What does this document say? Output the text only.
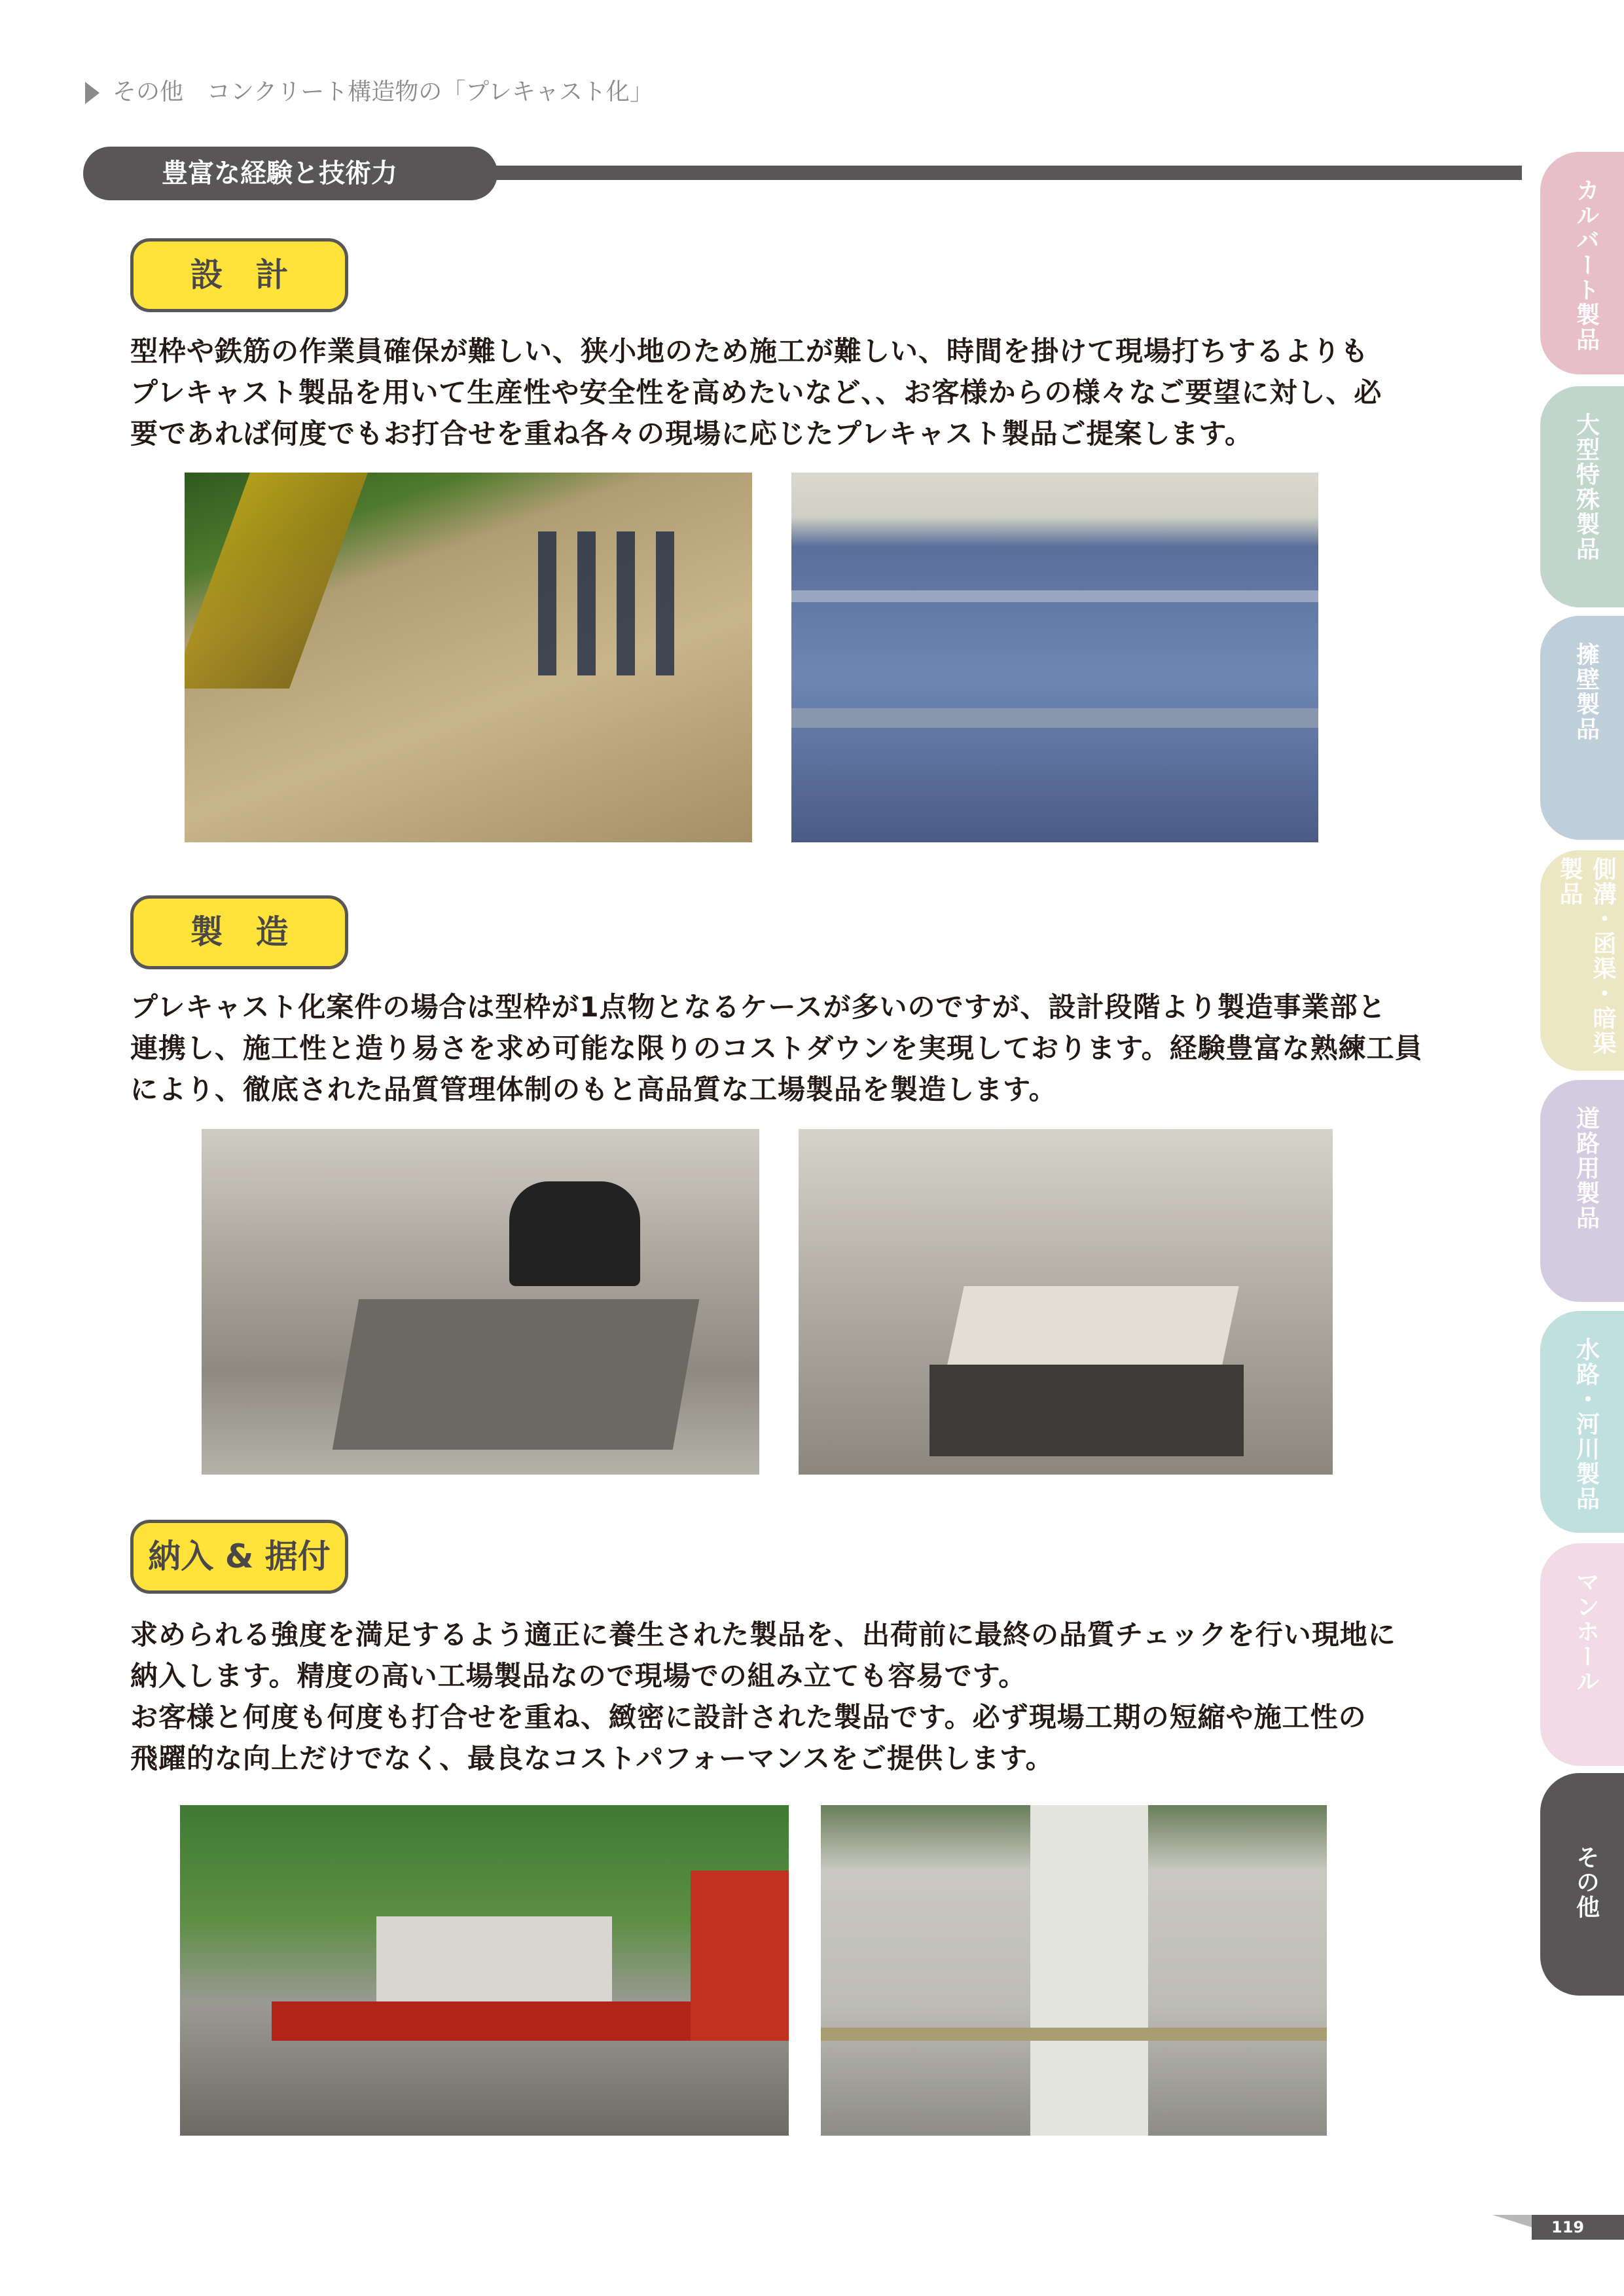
その他　コンクリート構造物の「プレキャスト化」
豊富な経験と技術力
設　計
型枠や鉄筋の作業員確保が難しい、狭小地のため施工が難しい、時間を掛けて現場打ちするよりも
プレキャスト製品を用いて生産性や安全性を高めたいなど、、お客様からの様々なご要望に対し、必
要であれば何度でもお打合せを重ね各々の現場に応じたプレキャスト製品ご提案します。
製　造
プレキャスト化案件の場合は型枠が1点物となるケースが多いのですが、設計段階より製造事業部と
連携し、施工性と造り易さを求め可能な限りのコストダウンを実現しております。経験豊富な熟練工員
により、徹底された品質管理体制のもと高品質な工場製品を製造します。
納入 & 据付
求められる強度を満足するよう適正に養生された製品を、出荷前に最終の品質チェックを行い現地に
納入します。精度の高い工場製品なので現場での組み立ても容易です。
お客様と何度も何度も打合せを重ね、緻密に設計された製品です。必ず現場工期の短縮や施工性の
飛躍的な向上だけでなく、最良なコストパフォーマンスをご提供します。
カルバート製品
大型特殊製品
擁壁製品
側溝・函渠・暗渠製品
道路用製品
水路・河川製品
マンホール
その他
119
